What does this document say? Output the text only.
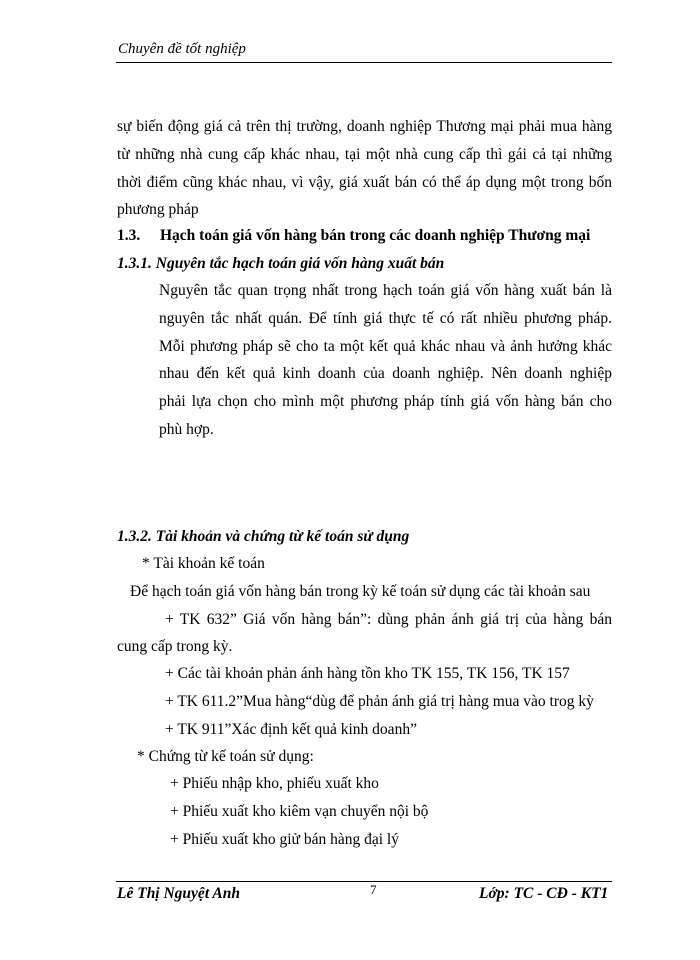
Chuyên đề tốt nghiệp
sự biến động giá cả trên thị trường, doanh nghiệp Thương mại phải mua hàng
từ những nhà cung cấp khác nhau, tại một nhà cung cấp thì gái cả tại những
thời điểm cũng khác nhau, vì vậy, giá xuất bán có thể áp dụng một trong bốn
phương pháp
1.3. Hạch toán giá vốn hàng bán trong các doanh nghiệp Thương mại
1.3.1. Nguyên tắc hạch toán giá vốn hàng xuất bán
Nguyên tắc quan trọng nhất trong hạch toán giá vốn hàng xuất bán là
nguyên tắc nhất quán. Để tính giá thực tế có rất nhiều phương pháp.
Mỗi phương pháp sẽ cho ta một kết quả khác nhau và ảnh hưởng khác
nhau đến kết quả kinh doanh của doanh nghiệp. Nên doanh nghiệp
phải lựa chọn cho mình một phương pháp tính giá vốn hàng bán cho
phù hợp.
1.3.2. Tài khoản và chứng từ kế toán sử dụng
* Tài khoản kế toán
Để hạch toán giá vốn hàng bán trong kỳ kế toán sử dụng các tài khoản sau
+ TK 632” Giá vốn hàng bán”: dùng phản ánh giá trị của hàng bán
cung cấp trong kỳ.
+ Các tài khoản phản ánh hàng tồn kho TK 155, TK 156, TK 157
+ TK 611.2”Mua hàng“dùg để phản ánh giá trị hàng mua vào trog kỳ
+ TK 911”Xác định kết quả kinh doanh”
* Chứng từ kế toán sử dụng:
+ Phiếu nhập kho, phiếu xuất kho
+ Phiếu xuất kho kiêm vạn chuyển nội bộ
+ Phiếu xuất kho giử bán hàng đại lý
Lê Thị Nguyệt Anh	7	Lớp: TC - CĐ - KT1
